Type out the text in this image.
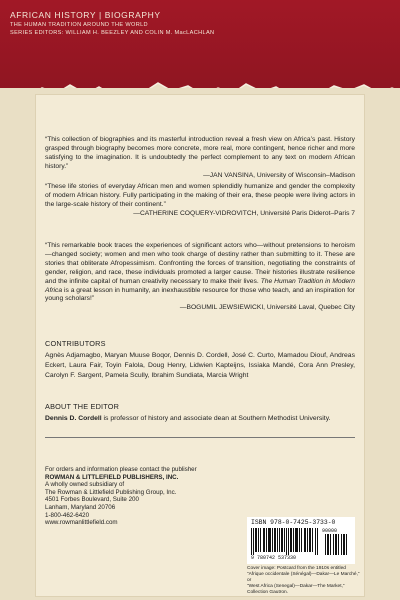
AFRICAN HISTORY | BIOGRAPHY
THE HUMAN TRADITION AROUND THE WORLD
SERIES EDITORS: WILLIAM H. BEEZLEY AND COLIN M. MacLACHLAN
“This collection of biographies and its masterful introduction reveal a fresh view on Africa’s past. History grasped through biography becomes more concrete, more real, more contingent, hence richer and more satisfying to the imagination. It is undoubtedly the perfect complement to any text on modern African history.”
—JAN VANSINA, University of Wisconsin–Madison
“These life stories of everyday African men and women splendidly humanize and gender the complexity of modern African history. Fully participating in the making of their era, these people were living actors in the large-scale history of their continent.”
—CATHERINE COQUERY-VIDROVITCH, Université Paris Diderot–Paris 7
“This remarkable book traces the experiences of significant actors who—without pretensions to heroism—changed society; women and men who took charge of destiny rather than submitting to it. These are stories that obliterate Afropessimism. Confronting the forces of transition, negotiating the constraints of gender, religion, and race, these individuals promoted a larger cause. Their histories illustrate resilience and the infinite capital of human creativity necessary to make their lives. The Human Tradition in Modern Africa is a great lesson in humanity, an inexhaustible resource for those who teach, and an inspiration for young scholars!”
—BOGUMIL JEWSIEWICKI, Université Laval, Quebec City
CONTRIBUTORS
Agnès Adjamagbo, Maryan Muuse Boqor, Dennis D. Cordell, José C. Curto, Mamadou Diouf, Andreas Eckert, Laura Fair, Toyin Falola, Doug Henry, Lidwien Kapteijns, Issiaka Mandé, Cora Ann Presley, Carolyn F. Sargent, Pamela Scully, Ibrahim Sundiata, Marcia Wright
ABOUT THE EDITOR
Dennis D. Cordell is professor of history and associate dean at Southern Methodist University.
For orders and information please contact the publisher
ROWMAN & LITTLEFIELD PUBLISHERS, INC.
A wholly owned subsidiary of
The Rowman & Littlefield Publishing Group, Inc.
4501 Forbes Boulevard, Suite 200
Lanham, Maryland 20706
1-800-462-6420
www.rowmanlittlefield.com	ISBN 978-0-7425-3733-0
9 780742 537330
90000
Cover image: Postcard from the 1910s entitled
“Afrique occidentale (Sénégal)—Dakar—Le Marché,” or
“West Africa (Senegal)—Dakar—The Market,” Collection Gautron.
